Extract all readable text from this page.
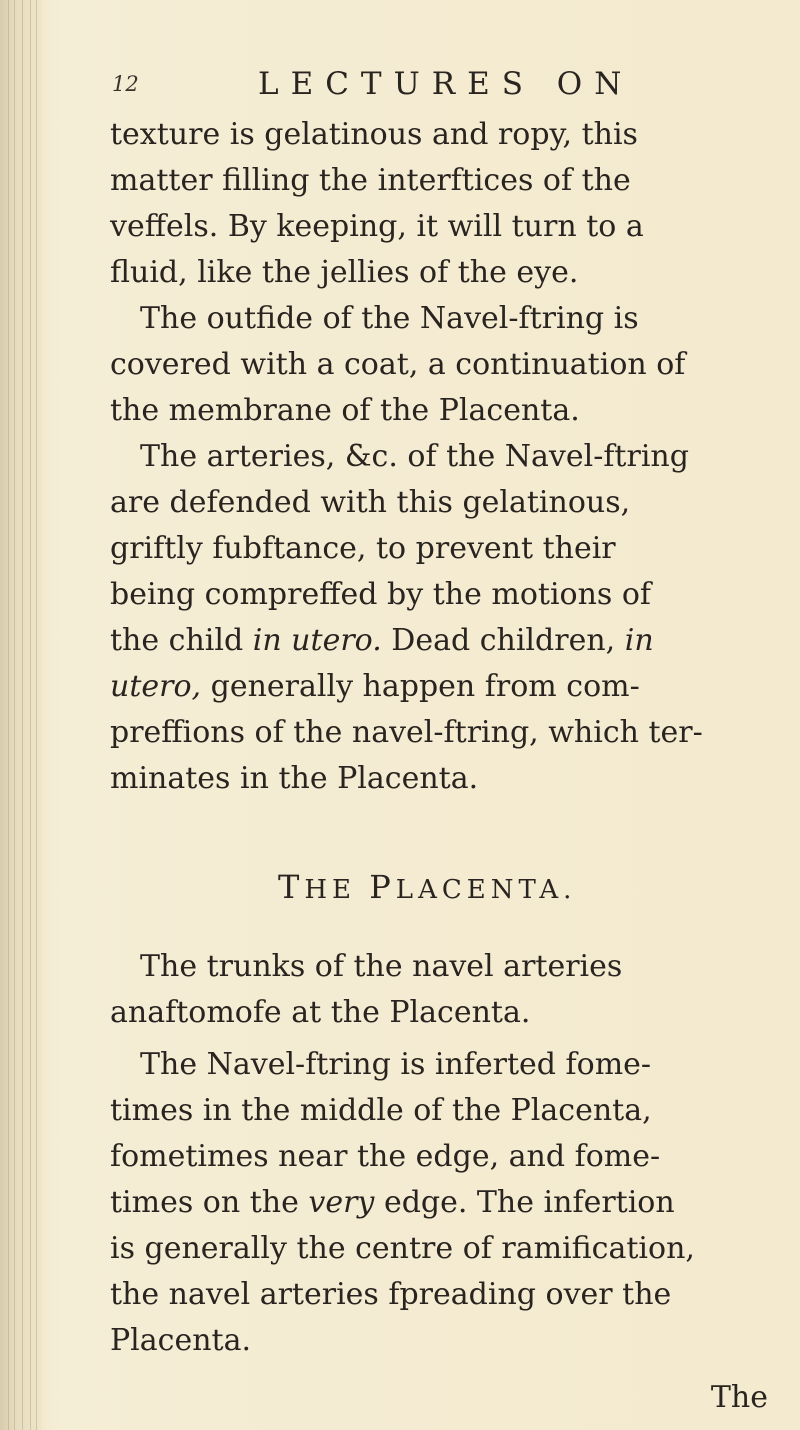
12	LECTURES ON
texture is gelatinous and ropy, this
matter filling the interftices of the
veffels. By keeping, it will turn to a
fluid, like the jellies of the eye.
The outfide of the Navel-ftring is
covered with a coat, a continuation of
the membrane of the Placenta.
The arteries, &c. of the Navel-ftring
are defended with this gelatinous,
griftly fubftance, to prevent their
being compreffed by the motions of
the child in utero. Dead children, in
utero, generally happen from com-
preffions of the navel-ftring, which ter-
minates in the Placenta.
THE PLACENTA.
The trunks of the navel arteries
anaftomofe at the Placenta.
The Navel-ftring is inferted fome-
times in the middle of the Placenta,
fometimes near the edge, and fome-
times on the very edge. The infertion
is generally the centre of ramification,
the navel arteries fpreading over the
Placenta.
The
